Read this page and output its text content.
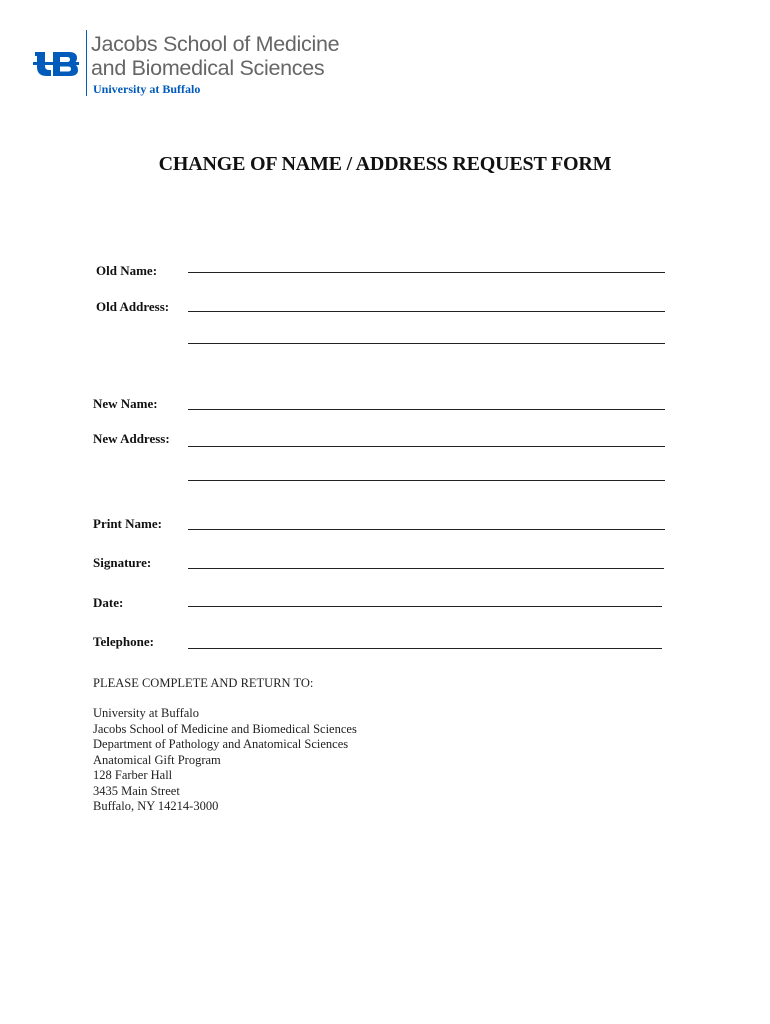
Jacobs School of Medicine
and Biomedical Sciences
University at Buffalo
CHANGE OF NAME / ADDRESS REQUEST FORM
Old Name:
Old Address:
New Name:
New Address:
Print Name:
Signature:
Date:
Telephone:
PLEASE COMPLETE AND RETURN TO:
University at Buffalo
Jacobs School of Medicine and Biomedical Sciences
Department of Pathology and Anatomical Sciences
Anatomical Gift Program
128 Farber Hall
3435 Main Street
Buffalo, NY 14214-3000
